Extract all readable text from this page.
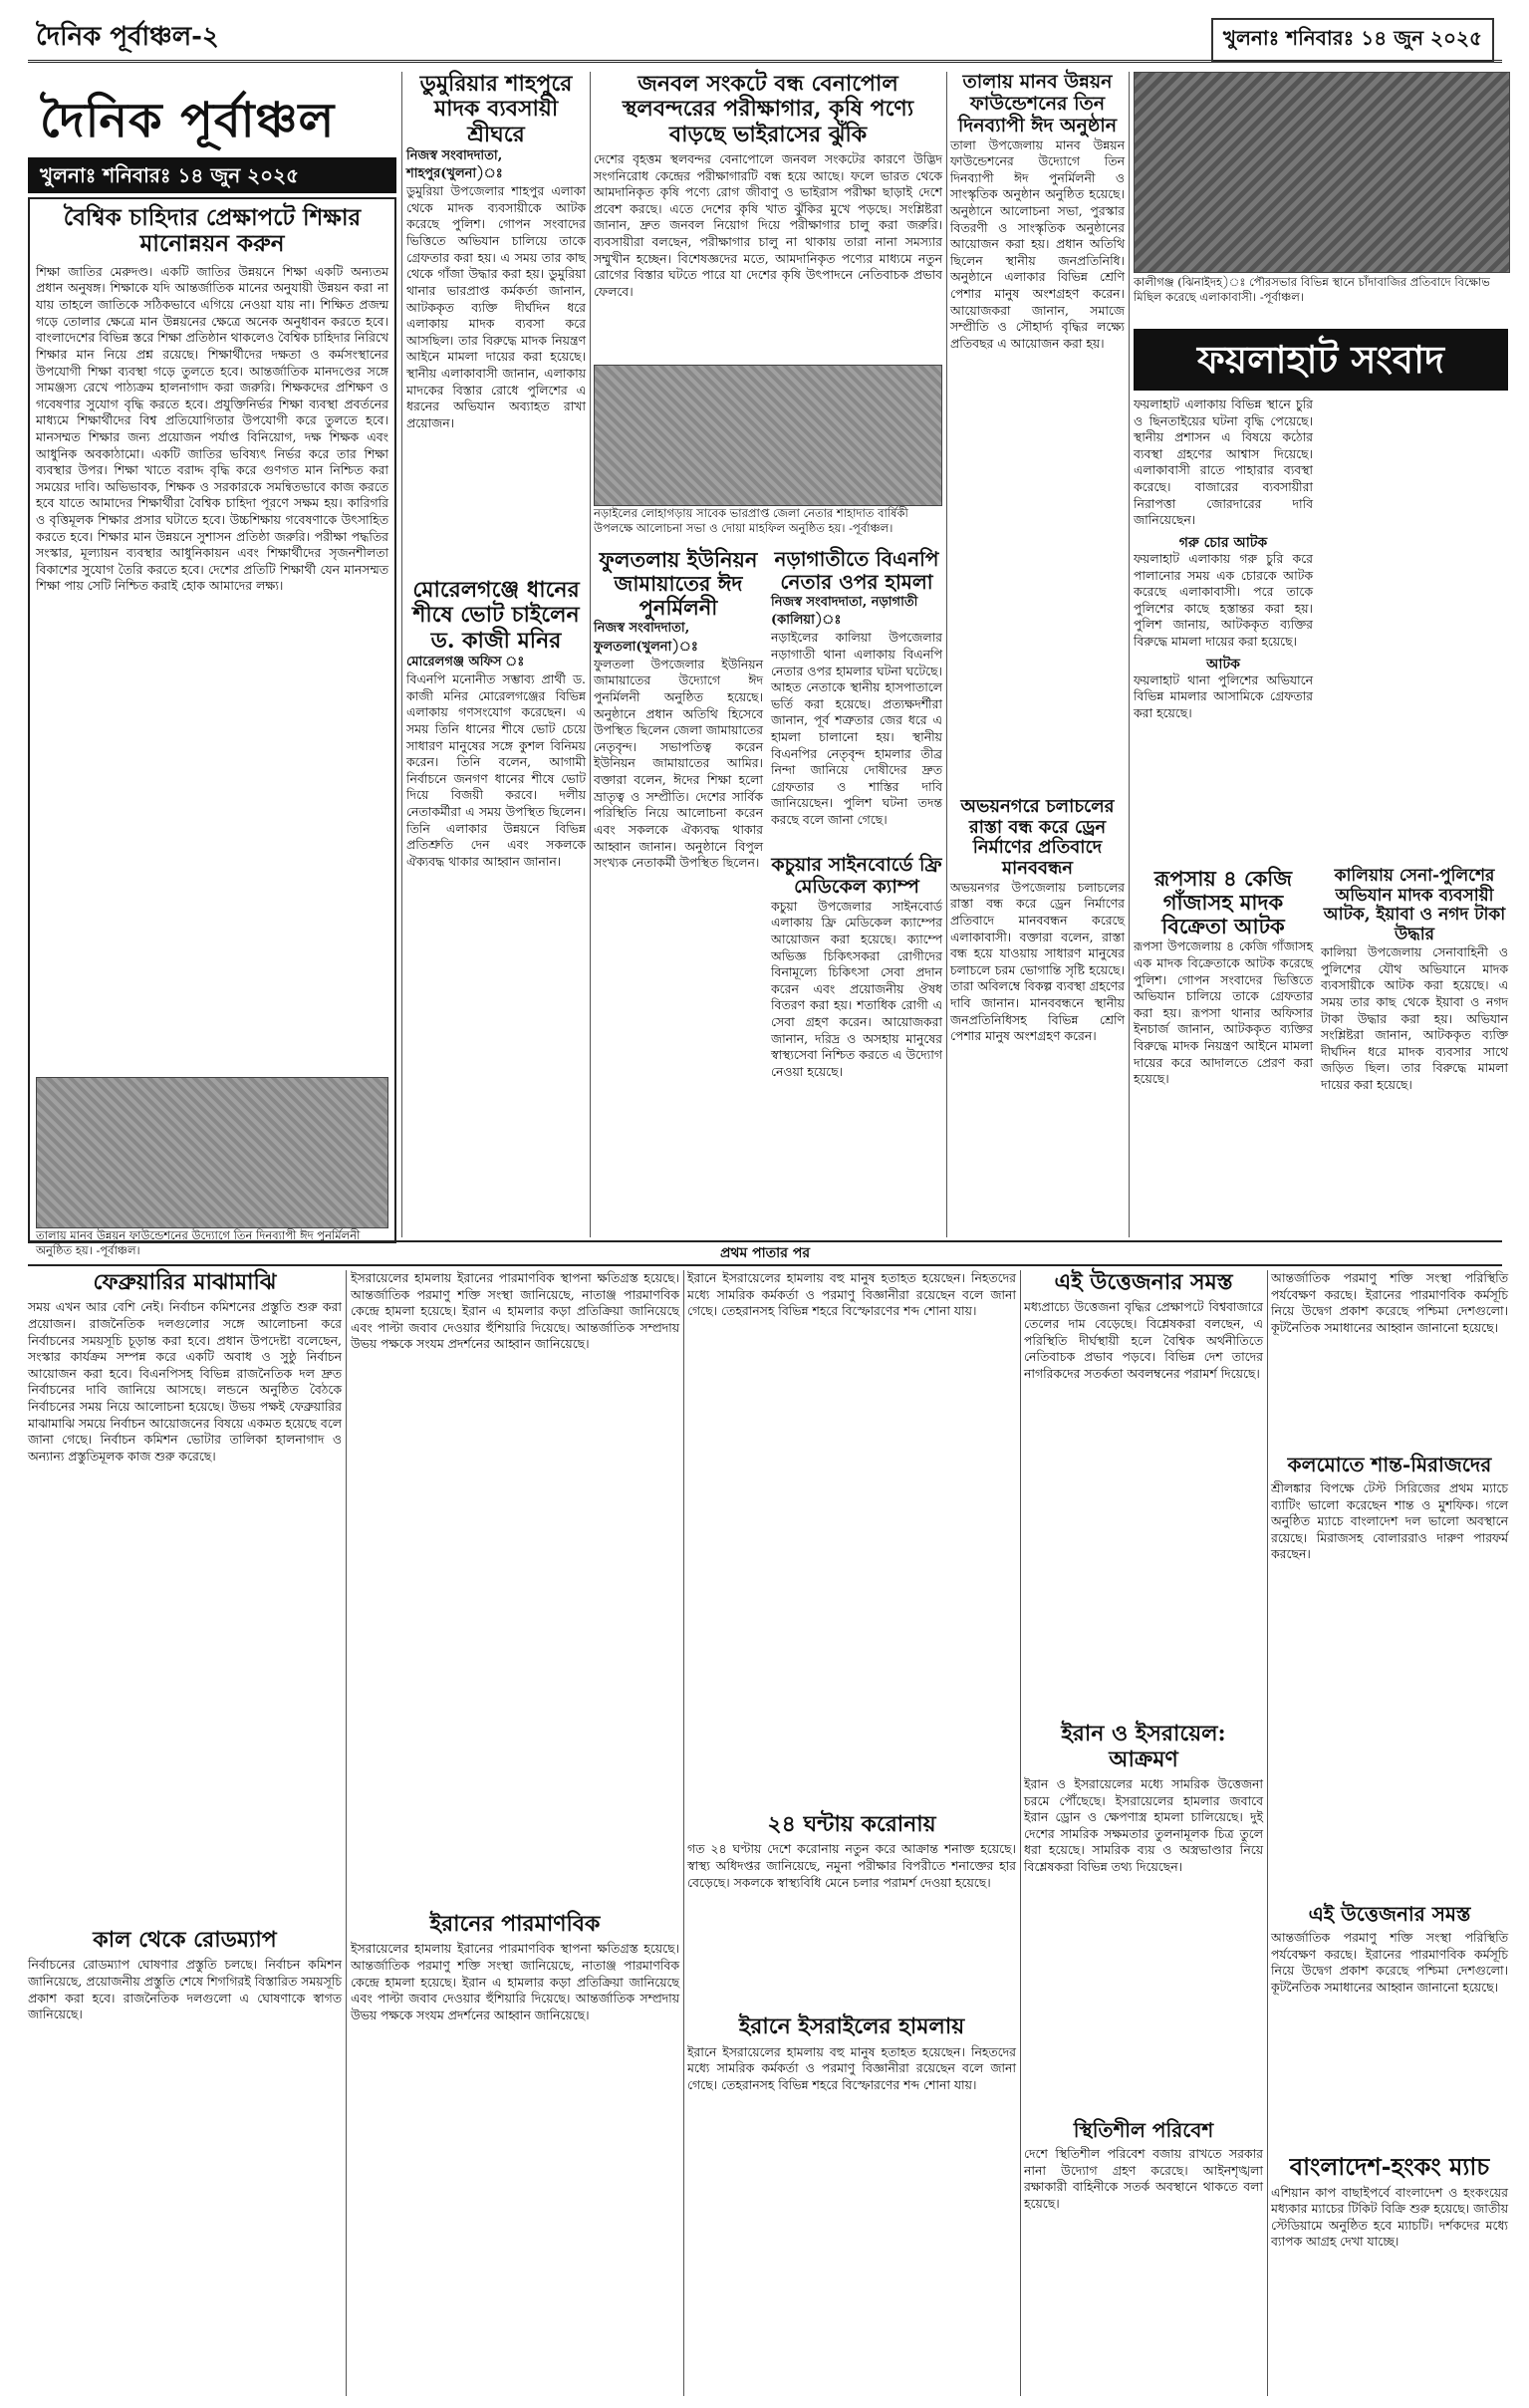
দৈনিক পূর্বাঞ্চল-২	খুলনাঃ শনিবারঃ ১৪ জুন ২০২৫
দৈনিক পূর্বাঞ্চল
খুলনাঃ শনিবারঃ ১৪ জুন ২০২৫
বৈশ্বিক চাহিদার প্রেক্ষাপটে শিক্ষার মানোন্নয়ন করুন
শিক্ষা জাতির মেরুদণ্ড। একটি জাতির উন্নয়নে শিক্ষা একটি অন্যতম প্রধান অনুষঙ্গ। শিক্ষাকে যদি আন্তর্জাতিক মানের অনুযায়ী উন্নয়ন করা না যায় তাহলে জাতিকে সঠিকভাবে এগিয়ে নেওয়া যায় না। শিক্ষিত প্রজন্ম গড়ে তোলার ক্ষেত্রে মান উন্নয়নের ক্ষেত্রে অনেক অনুধাবন করতে হবে। বাংলাদেশের বিভিন্ন স্তরে শিক্ষা প্রতিষ্ঠান থাকলেও বৈশ্বিক চাহিদার নিরিখে শিক্ষার মান নিয়ে প্রশ্ন রয়েছে। শিক্ষার্থীদের দক্ষতা ও কর্মসংস্থানের উপযোগী শিক্ষা ব্যবস্থা গড়ে তুলতে হবে। আন্তর্জাতিক মানদণ্ডের সঙ্গে সামঞ্জস্য রেখে পাঠ্যক্রম হালনাগাদ করা জরুরি। শিক্ষকদের প্রশিক্ষণ ও গবেষণার সুযোগ বৃদ্ধি করতে হবে। প্রযুক্তিনির্ভর শিক্ষা ব্যবস্থা প্রবর্তনের মাধ্যমে শিক্ষার্থীদের বিশ্ব প্রতিযোগিতার উপযোগী করে তুলতে হবে। মানসম্মত শিক্ষার জন্য প্রয়োজন পর্যাপ্ত বিনিয়োগ, দক্ষ শিক্ষক এবং আধুনিক অবকাঠামো। একটি জাতির ভবিষ্যৎ নির্ভর করে তার শিক্ষা ব্যবস্থার উপর। শিক্ষা খাতে বরাদ্দ বৃদ্ধি করে গুণগত মান নিশ্চিত করা সময়ের দাবি। অভিভাবক, শিক্ষক ও সরকারকে সমন্বিতভাবে কাজ করতে হবে যাতে আমাদের শিক্ষার্থীরা বৈশ্বিক চাহিদা পূরণে সক্ষম হয়। কারিগরি ও বৃত্তিমূলক শিক্ষার প্রসার ঘটাতে হবে। উচ্চশিক্ষায় গবেষণাকে উৎসাহিত করতে হবে। শিক্ষার মান উন্নয়নে সুশাসন প্রতিষ্ঠা জরুরি। পরীক্ষা পদ্ধতির সংস্কার, মূল্যায়ন ব্যবস্থার আধুনিকায়ন এবং শিক্ষার্থীদের সৃজনশীলতা বিকাশের সুযোগ তৈরি করতে হবে। দেশের প্রতিটি শিক্ষার্থী যেন মানসম্মত শিক্ষা পায় সেটি নিশ্চিত করাই হোক আমাদের লক্ষ্য।
তালায় মানব উন্নয়ন ফাউন্ডেশনের উদ্যোগে তিন দিনব্যাপী ঈদ পুনর্মিলনী অনুষ্ঠিত হয়। -পূর্বাঞ্চল।
ডুমুরিয়ার শাহপুরে মাদক ব্যবসায়ী শ্রীঘরে
নিজস্ব সংবাদদাতা, শাহপুর(খুলনা)ঃ
ডুমুরিয়া উপজেলার শাহপুর এলাকা থেকে মাদক ব্যবসায়ীকে আটক করেছে পুলিশ। গোপন সংবাদের ভিত্তিতে অভিযান চালিয়ে তাকে গ্রেফতার করা হয়। এ সময় তার কাছ থেকে গাঁজা উদ্ধার করা হয়। ডুমুরিয়া থানার ভারপ্রাপ্ত কর্মকর্তা জানান, আটককৃত ব্যক্তি দীর্ঘদিন ধরে এলাকায় মাদক ব্যবসা করে আসছিল। তার বিরুদ্ধে মাদক নিয়ন্ত্রণ আইনে মামলা দায়ের করা হয়েছে। স্থানীয় এলাকাবাসী জানান, এলাকায় মাদকের বিস্তার রোধে পুলিশের এ ধরনের অভিযান অব্যাহত রাখা প্রয়োজন।
মোরেলগঞ্জে ধানের শীষে ভোট চাইলেন ড. কাজী মনির
মোরেলগঞ্জ অফিস ঃ
বিএনপি মনোনীত সম্ভাব্য প্রার্থী ড. কাজী মনির মোরেলগঞ্জের বিভিন্ন এলাকায় গণসংযোগ করেছেন। এ সময় তিনি ধানের শীষে ভোট চেয়ে সাধারণ মানুষের সঙ্গে কুশল বিনিময় করেন। তিনি বলেন, আগামী নির্বাচনে জনগণ ধানের শীষে ভোট দিয়ে বিজয়ী করবে। দলীয় নেতাকর্মীরা এ সময় উপস্থিত ছিলেন। তিনি এলাকার উন্নয়নে বিভিন্ন প্রতিশ্রুতি দেন এবং সকলকে ঐক্যবদ্ধ থাকার আহ্বান জানান।
জনবল সংকটে বন্ধ বেনাপোল স্থলবন্দরের পরীক্ষাগার, কৃষি পণ্যে বাড়ছে ভাইরাসের ঝুঁকি
দেশের বৃহত্তম স্থলবন্দর বেনাপোলে জনবল সংকটের কারণে উদ্ভিদ সংগনিরোধ কেন্দ্রের পরীক্ষাগারটি বন্ধ হয়ে আছে। ফলে ভারত থেকে আমদানিকৃত কৃষি পণ্যে রোগ জীবাণু ও ভাইরাস পরীক্ষা ছাড়াই দেশে প্রবেশ করছে। এতে দেশের কৃষি খাত ঝুঁকির মুখে পড়ছে। সংশ্লিষ্টরা জানান, দ্রুত জনবল নিয়োগ দিয়ে পরীক্ষাগার চালু করা জরুরি। ব্যবসায়ীরা বলছেন, পরীক্ষাগার চালু না থাকায় তারা নানা সমস্যার সম্মুখীন হচ্ছেন। বিশেষজ্ঞদের মতে, আমদানিকৃত পণ্যের মাধ্যমে নতুন রোগের বিস্তার ঘটতে পারে যা দেশের কৃষি উৎপাদনে নেতিবাচক প্রভাব ফেলবে।
নড়াইলের লোহাগড়ায় সাবেক ভারপ্রাপ্ত জেলা নেতার শাহাদাত বার্ষিকী উপলক্ষে আলোচনা সভা ও দোয়া মাহফিল অনুষ্ঠিত হয়। -পূর্বাঞ্চল।
ফুলতলায় ইউনিয়ন জামায়াতের ঈদ পুনর্মিলনী
নিজস্ব সংবাদদাতা, ফুলতলা(খুলনা)ঃ
ফুলতলা উপজেলার ইউনিয়ন জামায়াতের উদ্যোগে ঈদ পুনর্মিলনী অনুষ্ঠিত হয়েছে। অনুষ্ঠানে প্রধান অতিথি হিসেবে উপস্থিত ছিলেন জেলা জামায়াতের নেতৃবৃন্দ। সভাপতিত্ব করেন ইউনিয়ন জামায়াতের আমির। বক্তারা বলেন, ঈদের শিক্ষা হলো ভ্রাতৃত্ব ও সম্প্রীতি। দেশের সার্বিক পরিস্থিতি নিয়ে আলোচনা করেন এবং সকলকে ঐক্যবদ্ধ থাকার আহ্বান জানান। অনুষ্ঠানে বিপুল সংখ্যক নেতাকর্মী উপস্থিত ছিলেন।
নড়াগাতীতে বিএনপি নেতার ওপর হামলা
নিজস্ব সংবাদদাতা, নড়াগাতী (কালিয়া)ঃ
নড়াইলের কালিয়া উপজেলার নড়াগাতী থানা এলাকায় বিএনপি নেতার ওপর হামলার ঘটনা ঘটেছে। আহত নেতাকে স্থানীয় হাসপাতালে ভর্তি করা হয়েছে। প্রত্যক্ষদর্শীরা জানান, পূর্ব শত্রুতার জের ধরে এ হামলা চালানো হয়। স্থানীয় বিএনপির নেতৃবৃন্দ হামলার তীব্র নিন্দা জানিয়ে দোষীদের দ্রুত গ্রেফতার ও শাস্তির দাবি জানিয়েছেন। পুলিশ ঘটনা তদন্ত করছে বলে জানা গেছে।
তালায় মানব উন্নয়ন ফাউন্ডেশনের তিন দিনব্যাপী ঈদ অনুষ্ঠান
তালা উপজেলায় মানব উন্নয়ন ফাউন্ডেশনের উদ্যোগে তিন দিনব্যাপী ঈদ পুনর্মিলনী ও সাংস্কৃতিক অনুষ্ঠান অনুষ্ঠিত হয়েছে। অনুষ্ঠানে আলোচনা সভা, পুরস্কার বিতরণী ও সাংস্কৃতিক অনুষ্ঠানের আয়োজন করা হয়। প্রধান অতিথি ছিলেন স্থানীয় জনপ্রতিনিধি। অনুষ্ঠানে এলাকার বিভিন্ন শ্রেণি পেশার মানুষ অংশগ্রহণ করেন। আয়োজকরা জানান, সমাজে সম্প্রীতি ও সৌহার্দ্য বৃদ্ধির লক্ষ্যে প্রতিবছর এ আয়োজন করা হয়।
অভয়নগরে চলাচলের রাস্তা বন্ধ করে ড্রেন নির্মাণের প্রতিবাদে মানববন্ধন
অভয়নগর উপজেলায় চলাচলের রাস্তা বন্ধ করে ড্রেন নির্মাণের প্রতিবাদে মানববন্ধন করেছে এলাকাবাসী। বক্তারা বলেন, রাস্তা বন্ধ হয়ে যাওয়ায় সাধারণ মানুষের চলাচলে চরম ভোগান্তি সৃষ্টি হয়েছে। তারা অবিলম্বে বিকল্প ব্যবস্থা গ্রহণের দাবি জানান। মানববন্ধনে স্থানীয় জনপ্রতিনিধিসহ বিভিন্ন শ্রেণি পেশার মানুষ অংশগ্রহণ করেন।
কচুয়ার সাইনবোর্ডে ফ্রি মেডিকেল ক্যাম্প
কচুয়া উপজেলার সাইনবোর্ড এলাকায় ফ্রি মেডিকেল ক্যাম্পের আয়োজন করা হয়েছে। ক্যাম্পে অভিজ্ঞ চিকিৎসকরা রোগীদের বিনামূল্যে চিকিৎসা সেবা প্রদান করেন এবং প্রয়োজনীয় ঔষধ বিতরণ করা হয়। শতাধিক রোগী এ সেবা গ্রহণ করেন। আয়োজকরা জানান, দরিদ্র ও অসহায় মানুষের স্বাস্থ্যসেবা নিশ্চিত করতে এ উদ্যোগ নেওয়া হয়েছে।
কালীগঞ্জ (ঝিনাইদহ)ঃ পৌরসভার বিভিন্ন স্থানে চাঁদাবাজির প্রতিবাদে বিক্ষোভ মিছিল করেছে এলাকাবাসী। -পূর্বাঞ্চল।
ফয়লাহাট সংবাদ
ফয়লাহাট এলাকায় বিভিন্ন স্থানে চুরি ও ছিনতাইয়ের ঘটনা বৃদ্ধি পেয়েছে। স্থানীয় প্রশাসন এ বিষয়ে কঠোর ব্যবস্থা গ্রহণের আশ্বাস দিয়েছে। এলাকাবাসী রাতে পাহারার ব্যবস্থা করেছে। বাজারের ব্যবসায়ীরা নিরাপত্তা জোরদারের দাবি জানিয়েছেন।
গরু চোর আটক
ফয়লাহাট এলাকায় গরু চুরি করে পালানোর সময় এক চোরকে আটক করেছে এলাকাবাসী। পরে তাকে পুলিশের কাছে হস্তান্তর করা হয়। পুলিশ জানায়, আটককৃত ব্যক্তির বিরুদ্ধে মামলা দায়ের করা হয়েছে।
আটক
ফয়লাহাট থানা পুলিশের অভিযানে বিভিন্ন মামলার আসামিকে গ্রেফতার করা হয়েছে।
রূপসায় ৪ কেজি গাঁজাসহ মাদক বিক্রেতা আটক
রূপসা উপজেলায় ৪ কেজি গাঁজাসহ এক মাদক বিক্রেতাকে আটক করেছে পুলিশ। গোপন সংবাদের ভিত্তিতে অভিযান চালিয়ে তাকে গ্রেফতার করা হয়। রূপসা থানার অফিসার ইনচার্জ জানান, আটককৃত ব্যক্তির বিরুদ্ধে মাদক নিয়ন্ত্রণ আইনে মামলা দায়ের করে আদালতে প্রেরণ করা হয়েছে।
কালিয়ায় সেনা-পুলিশের অভিযান মাদক ব্যবসায়ী আটক, ইয়াবা ও নগদ টাকা উদ্ধার
কালিয়া উপজেলায় সেনাবাহিনী ও পুলিশের যৌথ অভিযানে মাদক ব্যবসায়ীকে আটক করা হয়েছে। এ সময় তার কাছ থেকে ইয়াবা ও নগদ টাকা উদ্ধার করা হয়। অভিযান সংশ্লিষ্টরা জানান, আটককৃত ব্যক্তি দীর্ঘদিন ধরে মাদক ব্যবসার সাথে জড়িত ছিল। তার বিরুদ্ধে মামলা দায়ের করা হয়েছে।
প্রথম পাতার পর
ফেব্রুয়ারির মাঝামাঝি
সময় এখন আর বেশি নেই। নির্বাচন কমিশনের প্রস্তুতি শুরু করা প্রয়োজন। রাজনৈতিক দলগুলোর সঙ্গে আলোচনা করে নির্বাচনের সময়সূচি চূড়ান্ত করা হবে। প্রধান উপদেষ্টা বলেছেন, সংস্কার কার্যক্রম সম্পন্ন করে একটি অবাধ ও সুষ্ঠু নির্বাচন আয়োজন করা হবে। বিএনপিসহ বিভিন্ন রাজনৈতিক দল দ্রুত নির্বাচনের দাবি জানিয়ে আসছে। লন্ডনে অনুষ্ঠিত বৈঠকে নির্বাচনের সময় নিয়ে আলোচনা হয়েছে। উভয় পক্ষই ফেব্রুয়ারির মাঝামাঝি সময়ে নির্বাচন আয়োজনের বিষয়ে একমত হয়েছে বলে জানা গেছে। নির্বাচন কমিশন ভোটার তালিকা হালনাগাদ ও অন্যান্য প্রস্তুতিমূলক কাজ শুরু করেছে।
কাল থেকে রোডম্যাপ
নির্বাচনের রোডম্যাপ ঘোষণার প্রস্তুতি চলছে। নির্বাচন কমিশন জানিয়েছে, প্রয়োজনীয় প্রস্তুতি শেষে শিগগিরই বিস্তারিত সময়সূচি প্রকাশ করা হবে। রাজনৈতিক দলগুলো এ ঘোষণাকে স্বাগত জানিয়েছে।
ইসরায়েলের হামলায় ইরানের পারমাণবিক স্থাপনা ক্ষতিগ্রস্ত হয়েছে। আন্তর্জাতিক পরমাণু শক্তি সংস্থা জানিয়েছে, নাতাঞ্জ পারমাণবিক কেন্দ্রে হামলা হয়েছে। ইরান এ হামলার কড়া প্রতিক্রিয়া জানিয়েছে এবং পাল্টা জবাব দেওয়ার হুঁশিয়ারি দিয়েছে। আন্তর্জাতিক সম্প্রদায় উভয় পক্ষকে সংযম প্রদর্শনের আহ্বান জানিয়েছে।
ইরানের পারমাণবিক
ইসরায়েলের হামলায় ইরানের পারমাণবিক স্থাপনা ক্ষতিগ্রস্ত হয়েছে। আন্তর্জাতিক পরমাণু শক্তি সংস্থা জানিয়েছে, নাতাঞ্জ পারমাণবিক কেন্দ্রে হামলা হয়েছে। ইরান এ হামলার কড়া প্রতিক্রিয়া জানিয়েছে এবং পাল্টা জবাব দেওয়ার হুঁশিয়ারি দিয়েছে। আন্তর্জাতিক সম্প্রদায় উভয় পক্ষকে সংযম প্রদর্শনের আহ্বান জানিয়েছে।
ইরানে ইসরায়েলের হামলায় বহু মানুষ হতাহত হয়েছেন। নিহতদের মধ্যে সামরিক কর্মকর্তা ও পরমাণু বিজ্ঞানীরা রয়েছেন বলে জানা গেছে। তেহরানসহ বিভিন্ন শহরে বিস্ফোরণের শব্দ শোনা যায়।
২৪ ঘন্টায় করোনায়
গত ২৪ ঘণ্টায় দেশে করোনায় নতুন করে আক্রান্ত শনাক্ত হয়েছে। স্বাস্থ্য অধিদপ্তর জানিয়েছে, নমুনা পরীক্ষার বিপরীতে শনাক্তের হার বেড়েছে। সকলকে স্বাস্থ্যবিধি মেনে চলার পরামর্শ দেওয়া হয়েছে।
ইরানে ইসরাইলের হামলায়
ইরানে ইসরায়েলের হামলায় বহু মানুষ হতাহত হয়েছেন। নিহতদের মধ্যে সামরিক কর্মকর্তা ও পরমাণু বিজ্ঞানীরা রয়েছেন বলে জানা গেছে। তেহরানসহ বিভিন্ন শহরে বিস্ফোরণের শব্দ শোনা যায়।
এই উত্তেজনার সমস্ত
মধ্যপ্রাচ্যে উত্তেজনা বৃদ্ধির প্রেক্ষাপটে বিশ্ববাজারে তেলের দাম বেড়েছে। বিশ্লেষকরা বলছেন, এ পরিস্থিতি দীর্ঘস্থায়ী হলে বৈশ্বিক অর্থনীতিতে নেতিবাচক প্রভাব পড়বে। বিভিন্ন দেশ তাদের নাগরিকদের সতর্কতা অবলম্বনের পরামর্শ দিয়েছে।
ইরান ও ইসরায়েল: আক্রমণ
ইরান ও ইসরায়েলের মধ্যে সামরিক উত্তেজনা চরমে পৌঁছেছে। ইসরায়েলের হামলার জবাবে ইরান ড্রোন ও ক্ষেপণাস্ত্র হামলা চালিয়েছে। দুই দেশের সামরিক সক্ষমতার তুলনামূলক চিত্র তুলে ধরা হয়েছে। সামরিক ব্যয় ও অস্ত্রভাণ্ডার নিয়ে বিশ্লেষকরা বিভিন্ন তথ্য দিয়েছেন।
স্থিতিশীল পরিবেশ
দেশে স্থিতিশীল পরিবেশ বজায় রাখতে সরকার নানা উদ্যোগ গ্রহণ করেছে। আইনশৃঙ্খলা রক্ষাকারী বাহিনীকে সতর্ক অবস্থানে থাকতে বলা হয়েছে।
আন্তর্জাতিক পরমাণু শক্তি সংস্থা পরিস্থিতি পর্যবেক্ষণ করছে। ইরানের পারমাণবিক কর্মসূচি নিয়ে উদ্বেগ প্রকাশ করেছে পশ্চিমা দেশগুলো। কূটনৈতিক সমাধানের আহ্বান জানানো হয়েছে।
কলমোতে শান্ত-মিরাজদের
শ্রীলঙ্কার বিপক্ষে টেস্ট সিরিজের প্রথম ম্যাচে ব্যাটিং ভালো করেছেন শান্ত ও মুশফিক। গলে অনুষ্ঠিত ম্যাচে বাংলাদেশ দল ভালো অবস্থানে রয়েছে। মিরাজসহ বোলাররাও দারুণ পারফর্ম করছেন।
এই উত্তেজনার সমস্ত
আন্তর্জাতিক পরমাণু শক্তি সংস্থা পরিস্থিতি পর্যবেক্ষণ করছে। ইরানের পারমাণবিক কর্মসূচি নিয়ে উদ্বেগ প্রকাশ করেছে পশ্চিমা দেশগুলো। কূটনৈতিক সমাধানের আহ্বান জানানো হয়েছে।
বাংলাদেশ-হংকং ম্যাচ
এশিয়ান কাপ বাছাইপর্বে বাংলাদেশ ও হংকংয়ের মধ্যকার ম্যাচের টিকিট বিক্রি শুরু হয়েছে। জাতীয় স্টেডিয়ামে অনুষ্ঠিত হবে ম্যাচটি। দর্শকদের মধ্যে ব্যাপক আগ্রহ দেখা যাচ্ছে।
